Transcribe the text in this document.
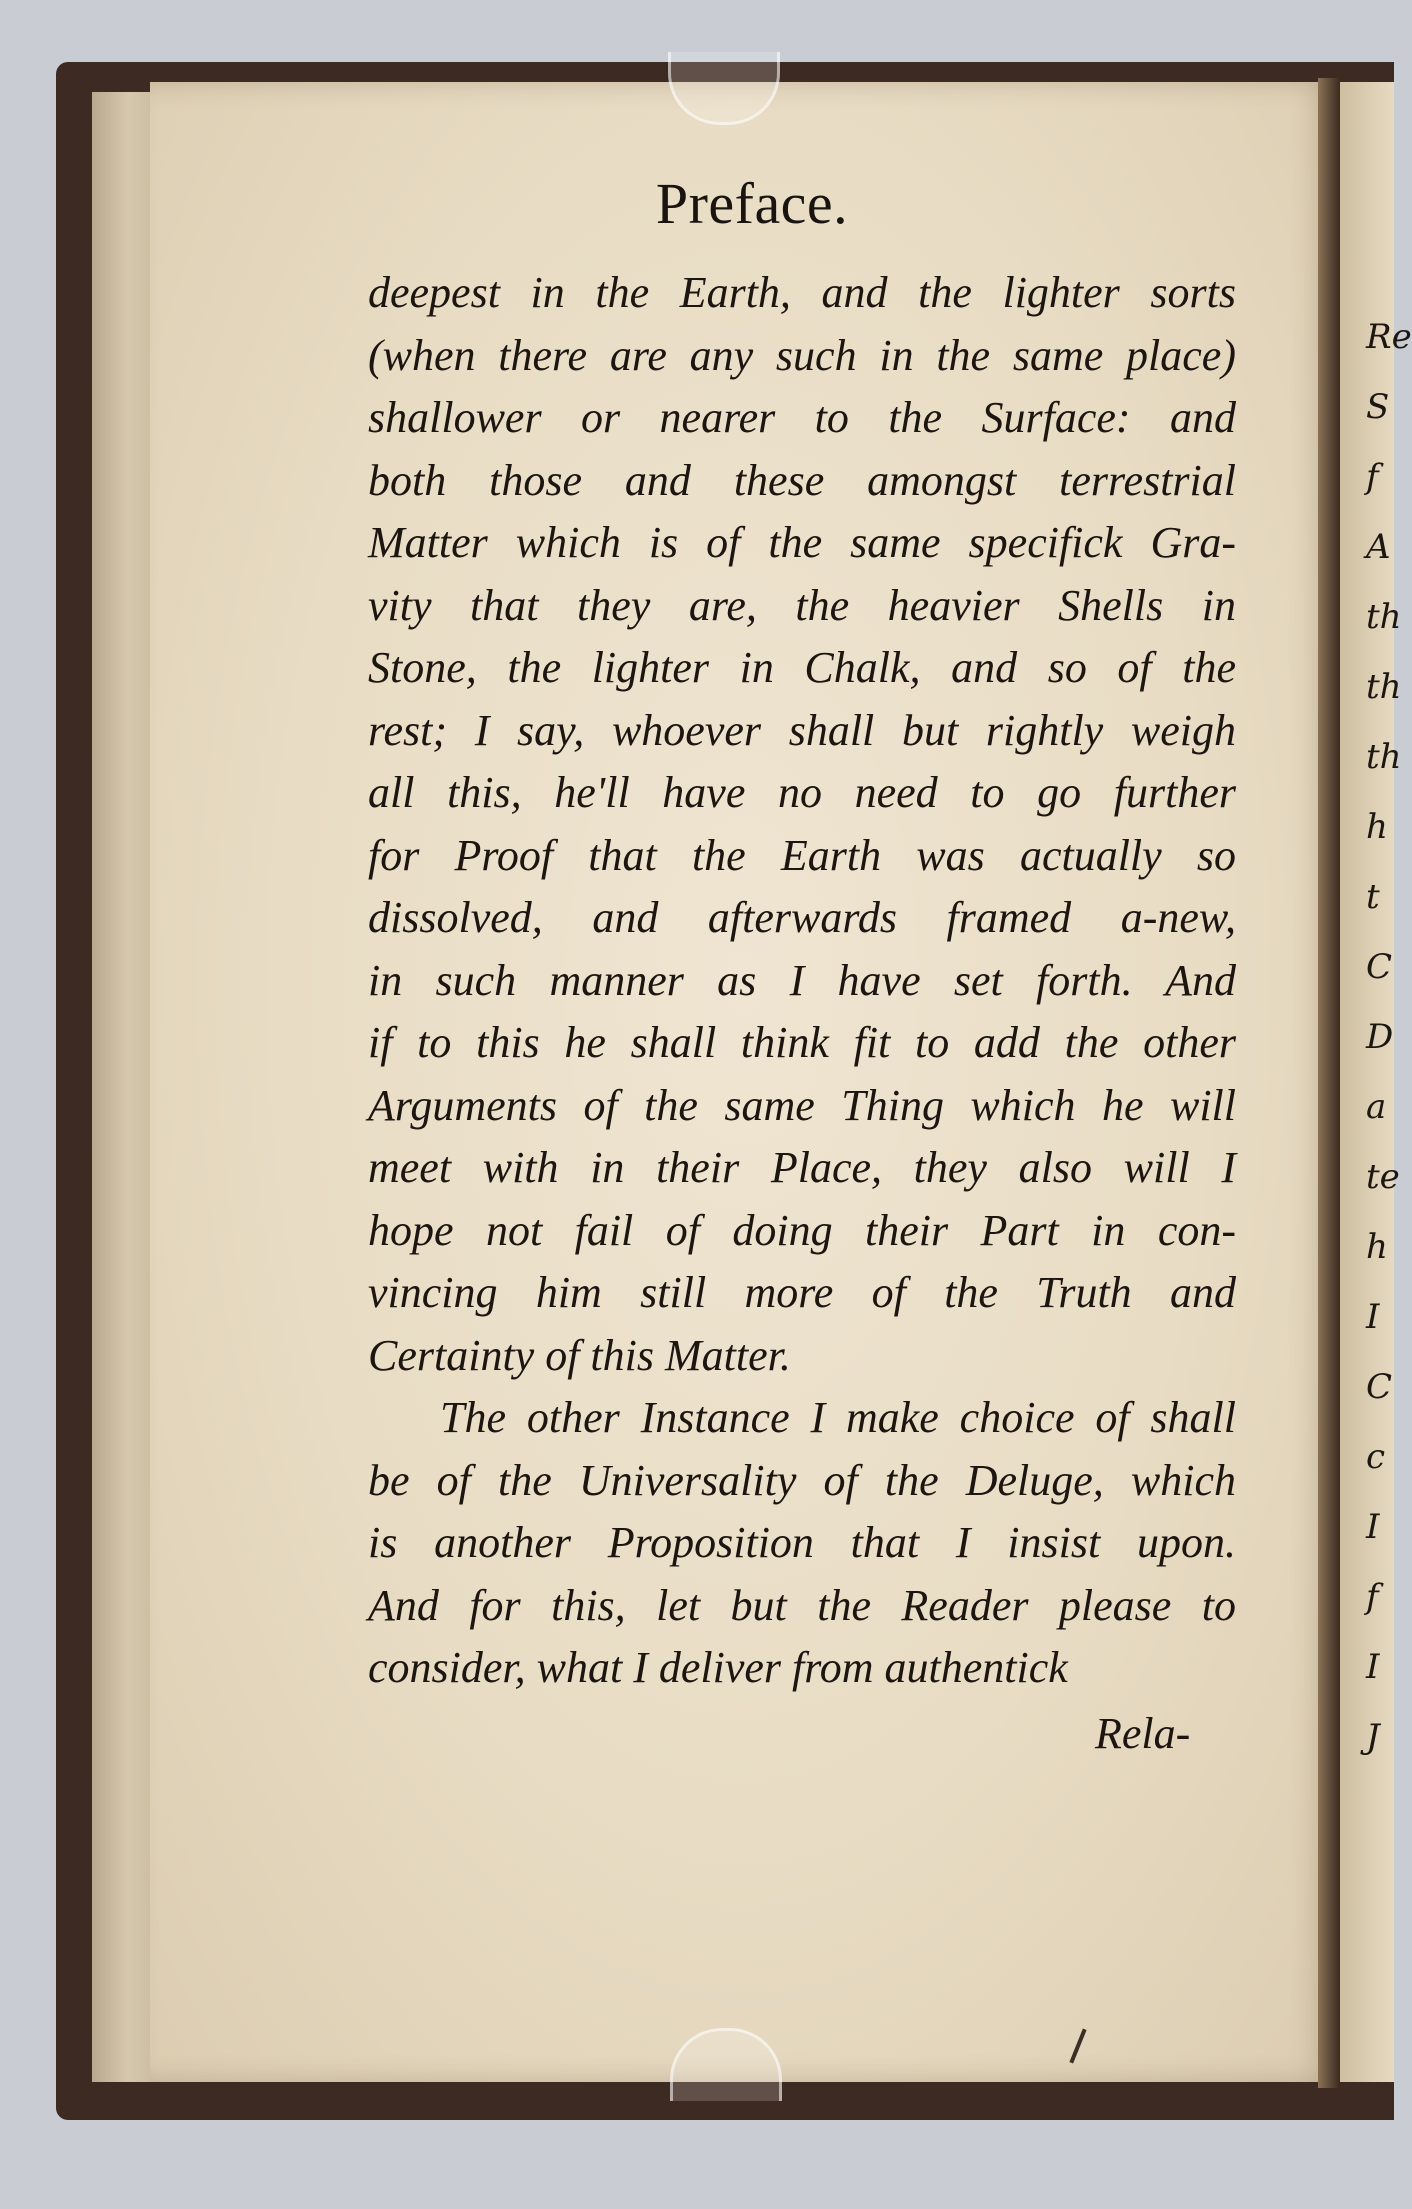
Re
S
f
A
th
th
th
h
t
C
D
a
te
h
I
C
c
I
f
I
J
Preface.
deepest in the Earth, and the lighter sorts
(when there are any such in the same place)
shallower or nearer to the Surface: and
both those and these amongst terrestrial
Matter which is of the same specifick Gra-
vity that they are, the heavier Shells in
Stone, the lighter in Chalk, and so of the
rest; I say, whoever shall but rightly weigh
all this, he'll have no need to go further
for Proof that the Earth was actually so
dissolved, and afterwards framed a-new,
in such manner as I have set forth. And
if to this he shall think fit to add the other
Arguments of the same Thing which he will
meet with in their Place, they also will I
hope not fail of doing their Part in con-
vincing him still more of the Truth and
Certainty of this Matter.
The other Instance I make choice of shall
be of the Universality of the Deluge, which
is another Proposition that I insist upon.
And for this, let but the Reader please to
consider, what I deliver from authentick
Rela-
